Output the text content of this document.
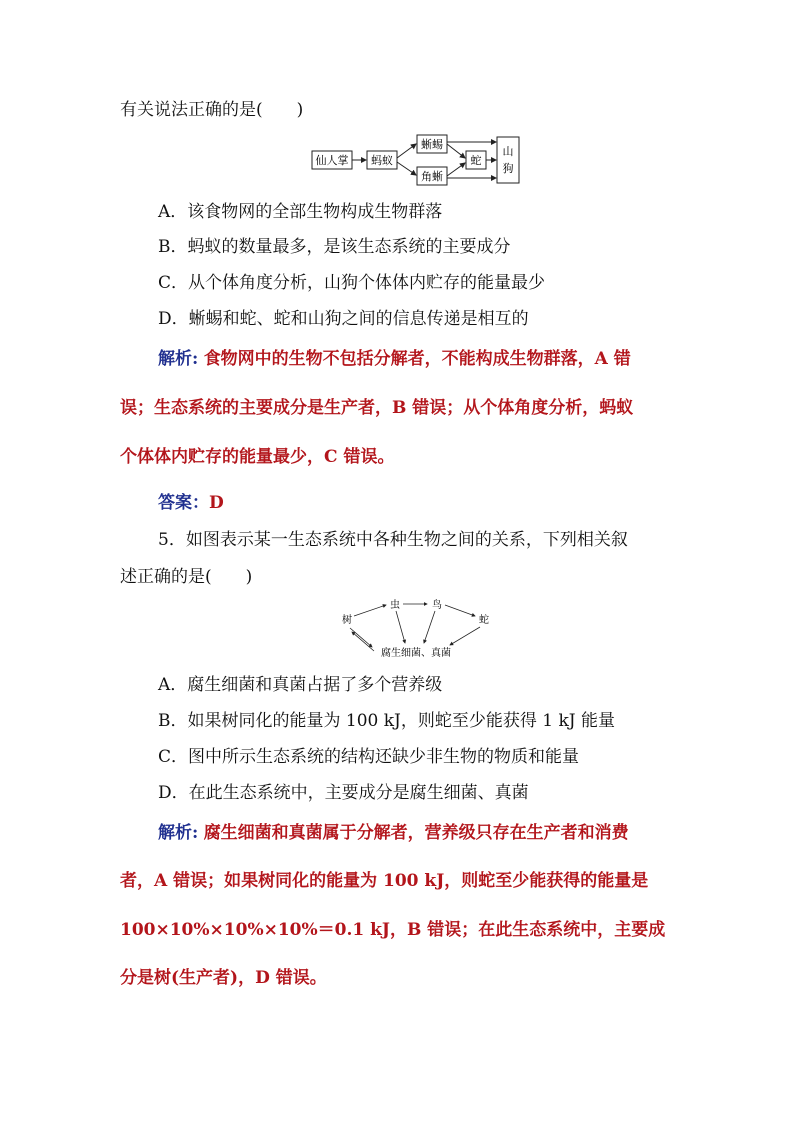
有关说法正确的是(　　)
仙人掌 蚂蚁
蜥蜴
角蜥
蛇
山
狗
A．该食物网的全部生物构成生物群落
B．蚂蚁的数量最多，是该生态系统的主要成分
C．从个体角度分析，山狗个体体内贮存的能量最少
D．蜥蜴和蛇、蛇和山狗之间的信息传递是相互的
解析: 食物网中的生物不包括分解者，不能构成生物群落，A 错
误；生态系统的主要成分是生产者，B 错误；从个体角度分析，蚂蚁
个体体内贮存的能量最少，C 错误。
答案：D
5．如图表示某一生态系统中各种生物之间的关系，下列相关叙
述正确的是(　　)
树
虫	鸟
蛇
腐生细菌、真菌
A．腐生细菌和真菌占据了多个营养级
B．如果树同化的能量为 100 kJ，则蛇至少能获得 1 kJ 能量
C．图中所示生态系统的结构还缺少非生物的物质和能量
D．在此生态系统中，主要成分是腐生细菌、真菌
解析: 腐生细菌和真菌属于分解者，营养级只存在生产者和消费
者，A 错误；如果树同化的能量为 100 kJ，则蛇至少能获得的能量是
100×10%×10%×10%＝0.1 kJ，B 错误；在此生态系统中，主要成
分是树(生产者)，D 错误。
